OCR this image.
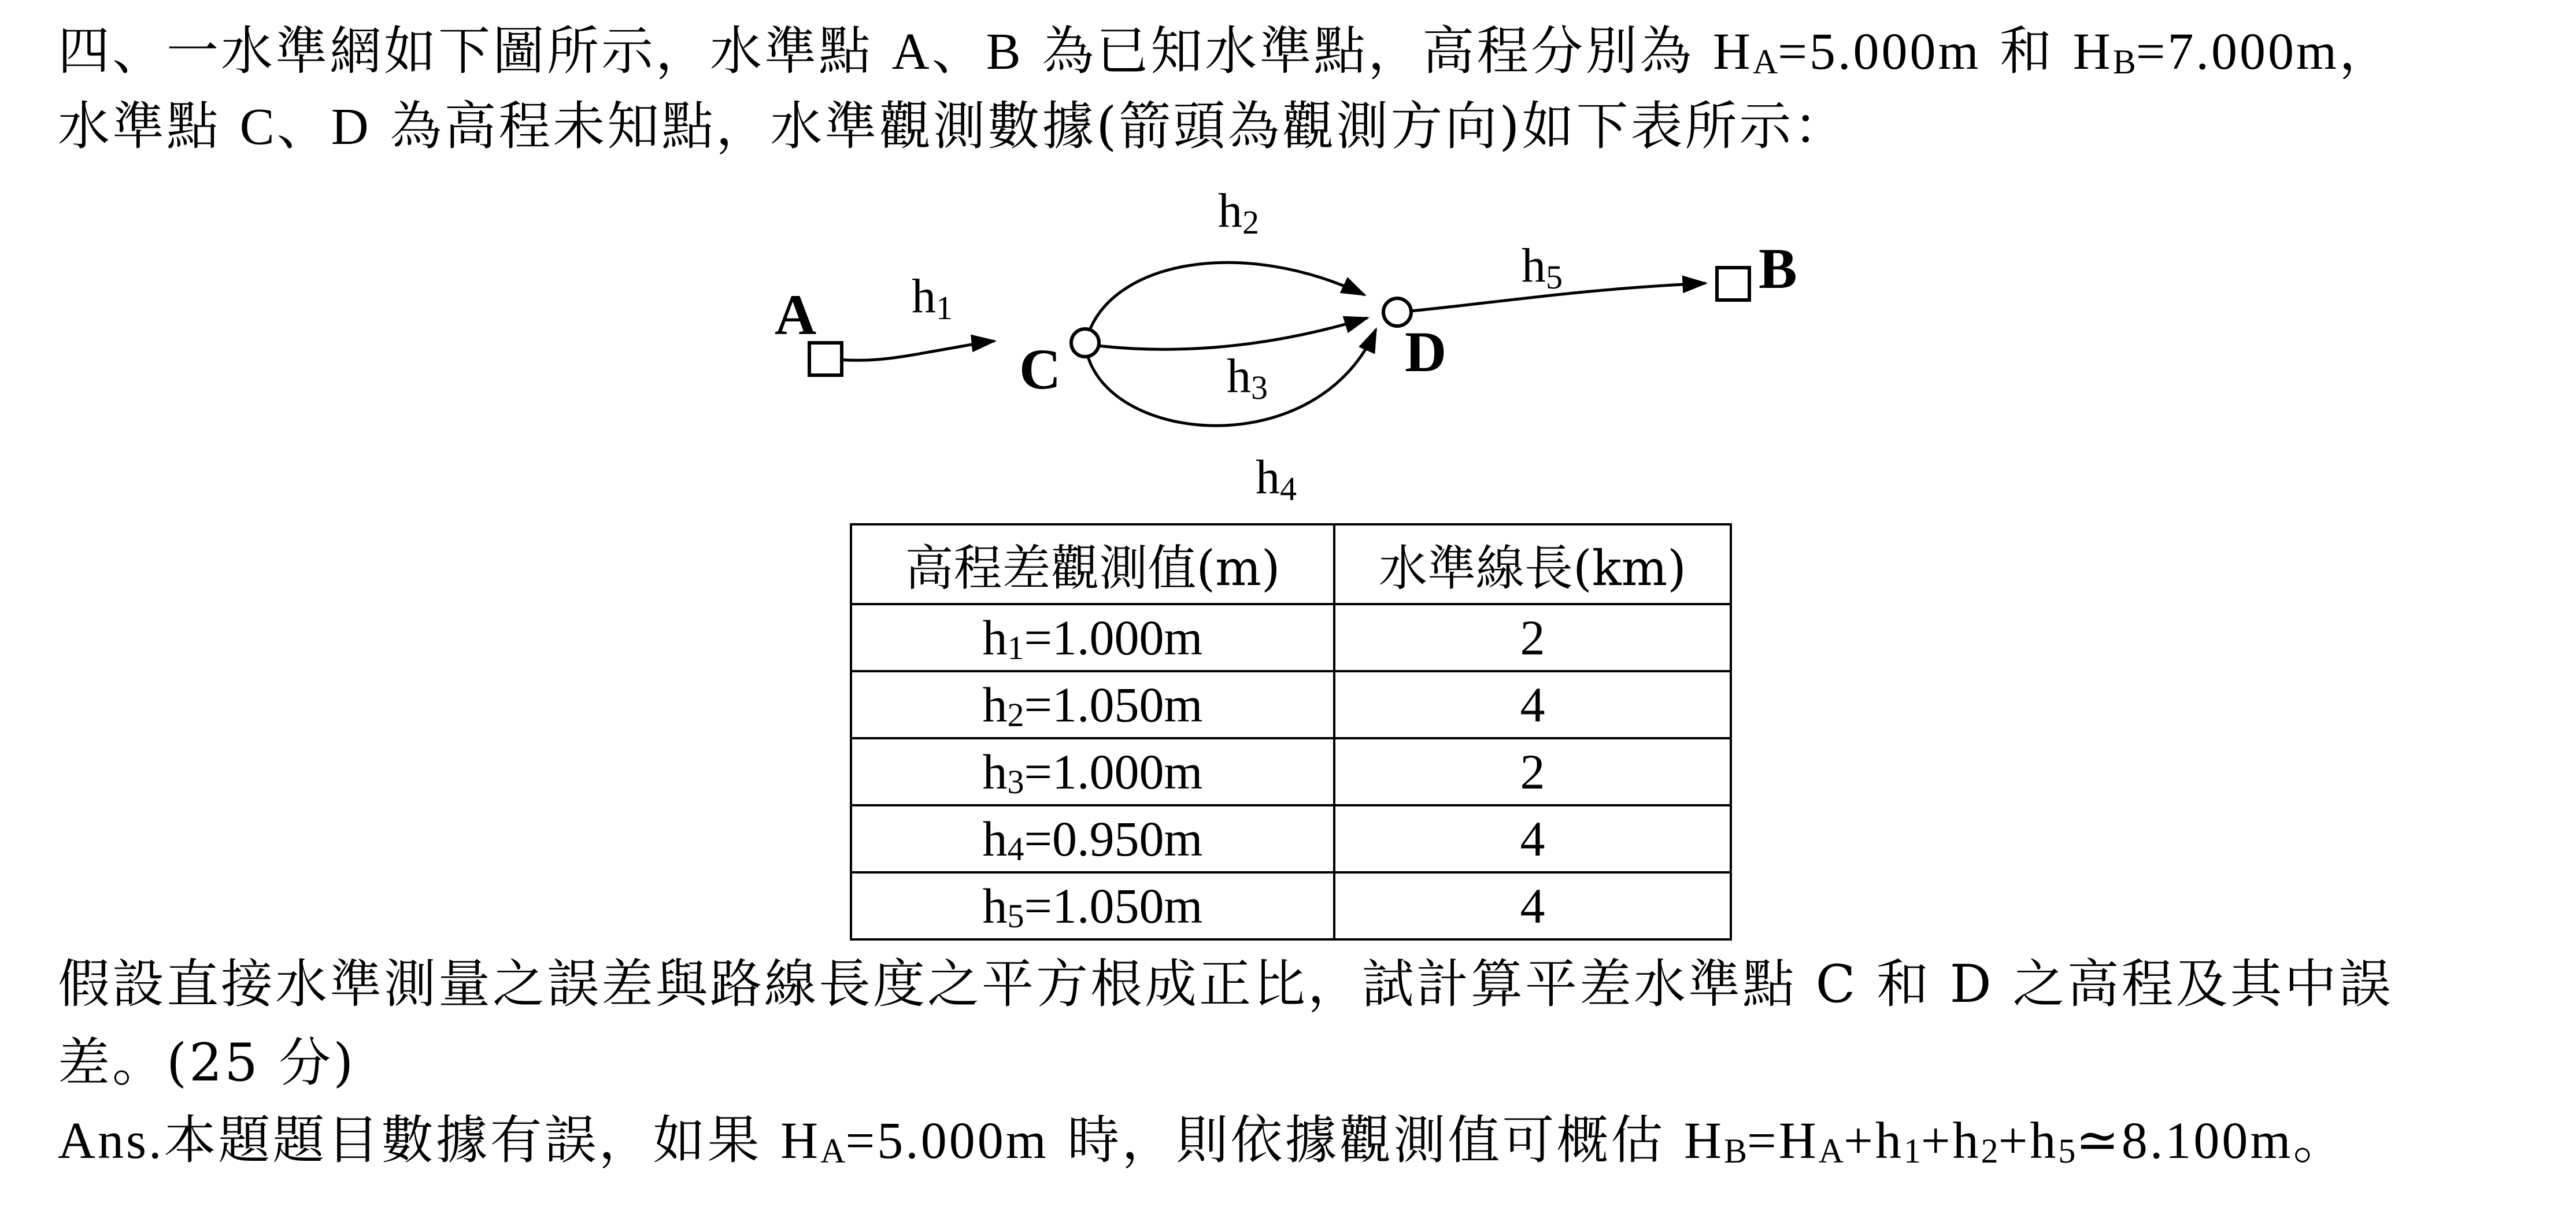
四、一水準網如下圖所示，水準點 A、B 為已知水準點，高程分別為 HA=5.000m 和 HB=7.000m，
水準點 C、D 為高程未知點，水準觀測數據(箭頭為觀測方向)如下表所示：
A
B
C	D
h1
h2
h3
h4
h5
高程差觀測值(m)	水準線長(km)
h1=1.000m	2
h2=1.050m	4
h3=1.000m	2
h4=0.950m	4
h5=1.050m	4
假設直接水準測量之誤差與路線長度之平方根成正比，試計算平差水準點 C 和 D 之高程及其中誤
差。(25 分)
Ans.本題題目數據有誤，如果 HA=5.000m 時，則依據觀測值可概估 HB=HA+h1+h2+h5≃8.100m。
